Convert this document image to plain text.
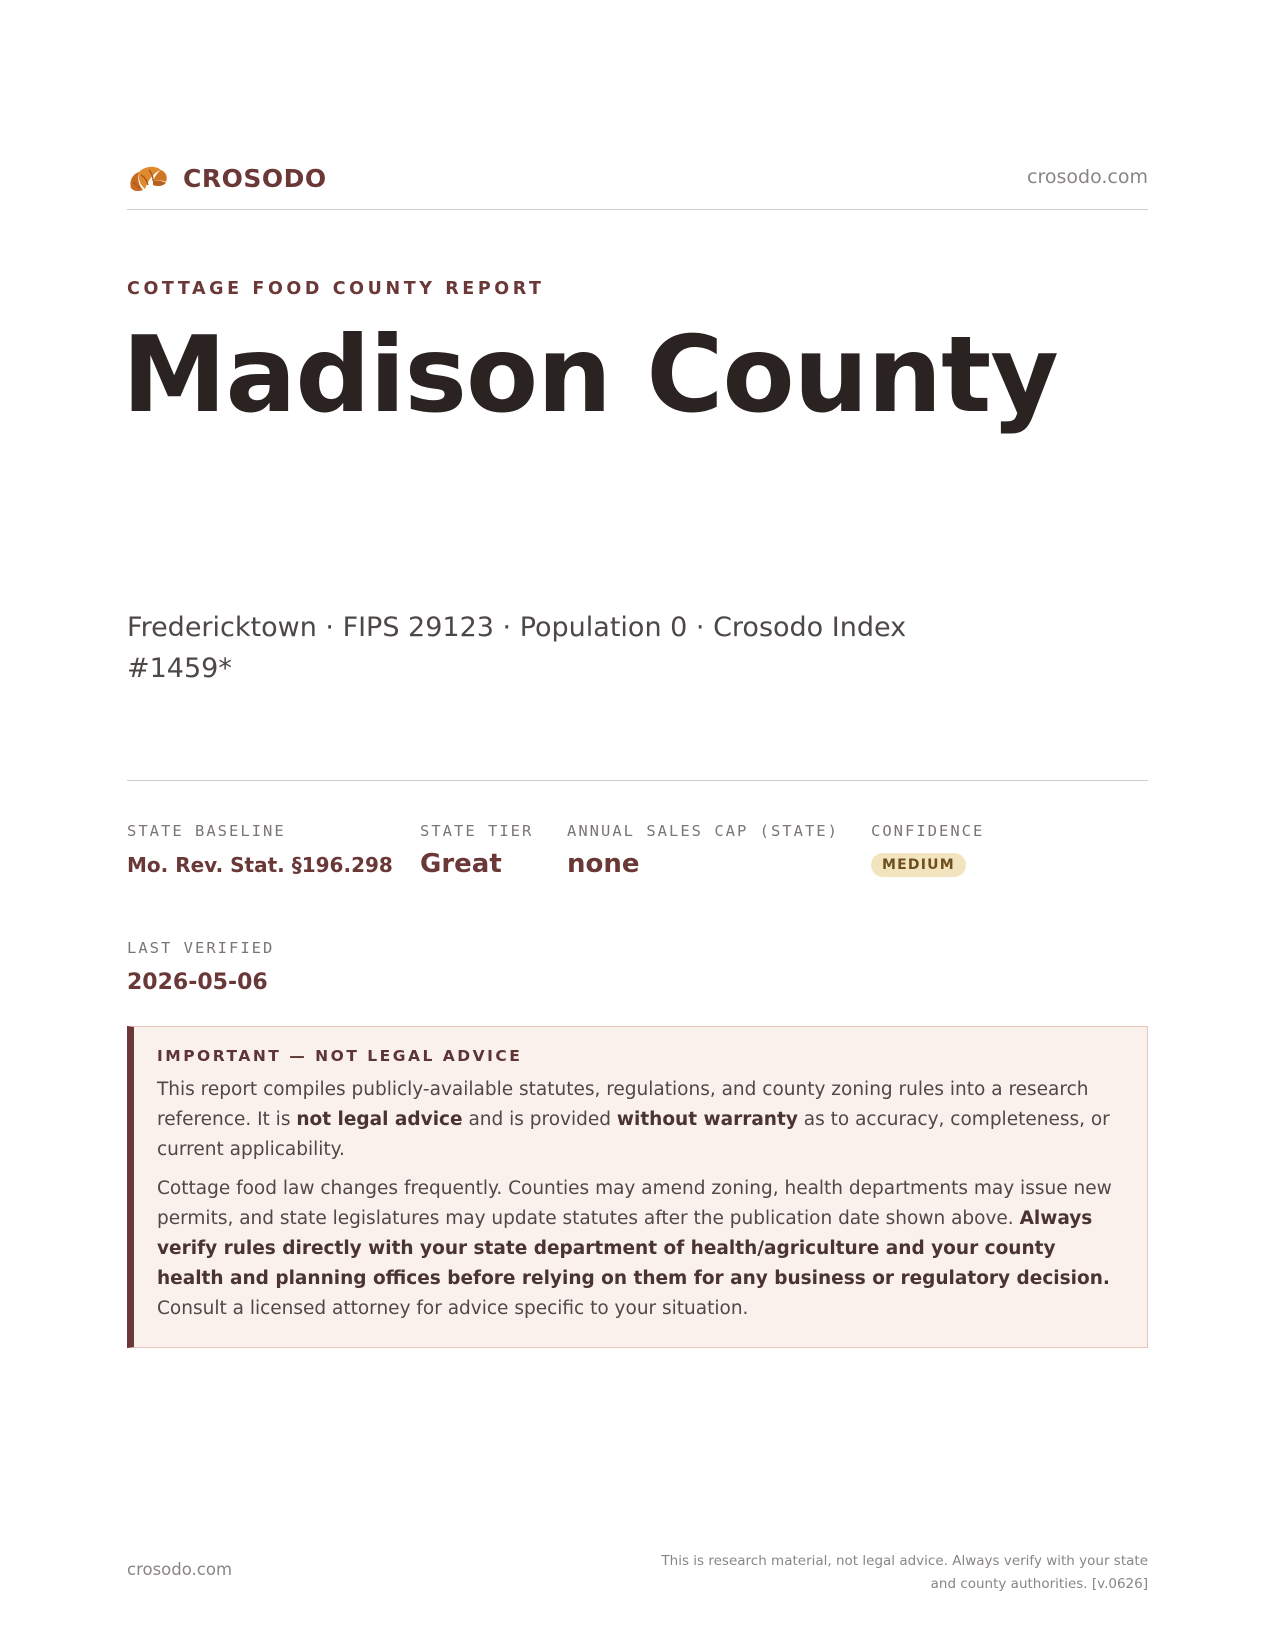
CROSODO	crosodo.com
COTTAGE FOOD COUNTY REPORT
Madison County
Fredericktown · FIPS 29123 · Population 0 · Crosodo Index #1459*
STATE BASELINE
Mo. Rev. Stat. §196.298
STATE TIER
Great
ANNUAL SALES CAP (STATE)
none
CONFIDENCE
MEDIUM
LAST VERIFIED
2026-05-06
IMPORTANT — NOT LEGAL ADVICE

This report compiles publicly-available statutes, regulations, and county zoning rules into a research reference. It is not legal advice and is provided without warranty as to accuracy, completeness, or current applicability.

Cottage food law changes frequently. Counties may amend zoning, health departments may issue new permits, and state legislatures may update statutes after the publication date shown above. Always verify rules directly with your state department of health/agriculture and your county health and planning offices before relying on them for any business or regulatory decision. Consult a licensed attorney for advice specific to your situation.

crosodo.com	This is research material, not legal advice. Always verify with your state
and county authorities. [v.0626]
